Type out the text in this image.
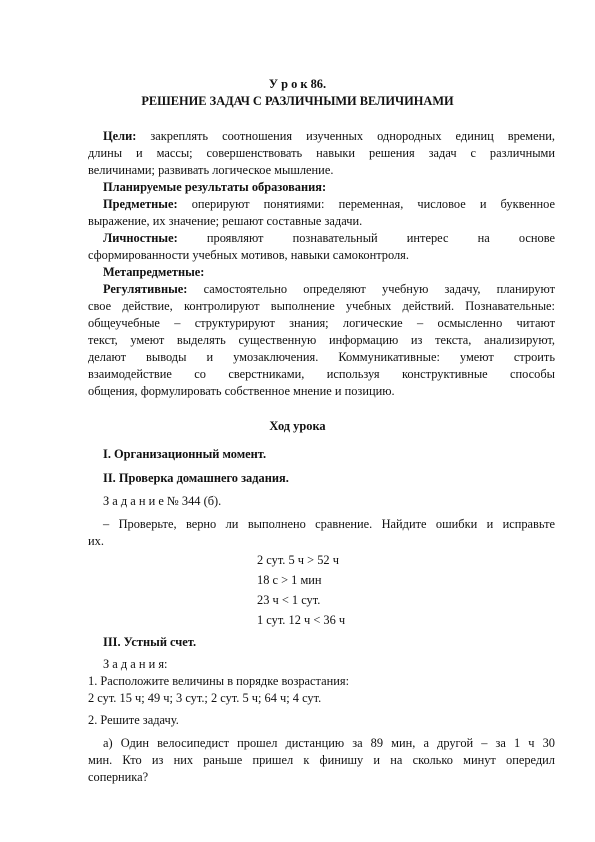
У р о к 86.
РЕШЕНИЕ ЗАДАЧ С РАЗЛИЧНЫМИ ВЕЛИЧИНАМИ
Цели: закреплять соотношения изученных однородных единиц времени,
длины и массы; совершенствовать навыки решения задач с различными
величинами; развивать логическое мышление.
Планируемые результаты образования:
Предметные: оперируют понятиями: переменная, числовое и буквенное
выражение, их значение; решают составные задачи.
Личностные: проявляют познавательный интерес на основе
сформированности учебных мотивов, навыки самоконтроля.
Метапредметные:
Регулятивные: самостоятельно определяют учебную задачу, планируют
свое действие, контролируют выполнение учебных действий. Познавательные:
общеучебные – структурируют знания; логические – осмысленно читают
текст, умеют выделять существенную информацию из текста, анализируют,
делают выводы и умозаключения. Коммуникативные: умеют строить
взаимодействие со сверстниками, используя конструктивные способы
общения, формулировать собственное мнение и позицию.
Ход урока
I. Организационный момент.
II. Проверка домашнего задания.
З а д а н и е № 344 (б).
– Проверьте, верно ли выполнено сравнение. Найдите ошибки и исправьте
их.
2 сут. 5 ч > 52 ч
18 с > 1 мин
23 ч < 1 сут.
1 сут. 12 ч < 36 ч
III. Устный счет.
З а д а н и я:
1. Расположите величины в порядке возрастания:
2 сут. 15 ч; 49 ч; 3 сут.; 2 сут. 5 ч; 64 ч; 4 сут.
2. Решите задачу.
а) Один велосипедист прошел дистанцию за 89 мин, а другой – за 1 ч 30
мин. Кто из них раньше пришел к финишу и на сколько минут опередил
соперника?
